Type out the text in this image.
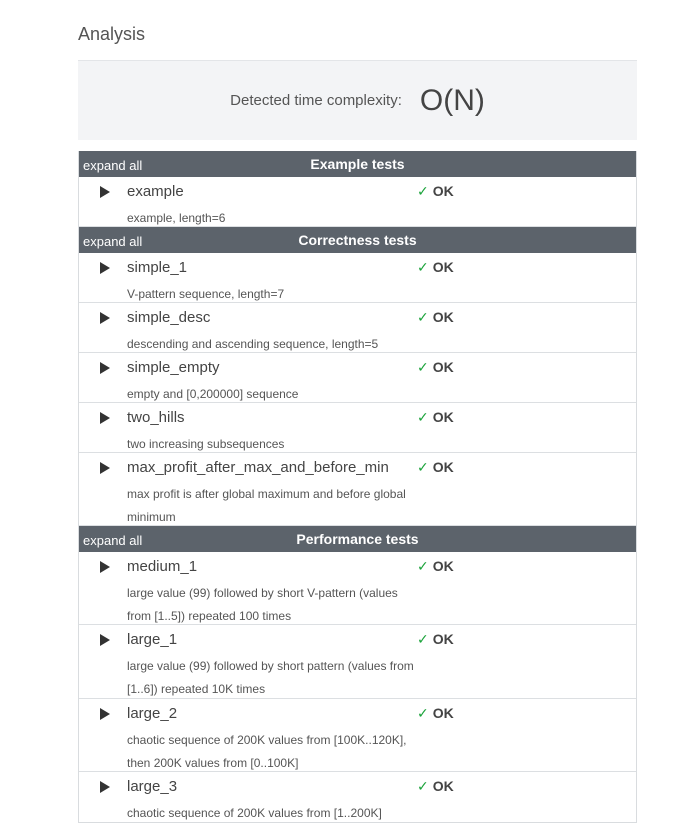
Analysis
Detected time complexity: O(N)
expand all	Example tests
example	✓ OK
example, length=6
expand all	Correctness tests
simple_1	✓ OK
V-pattern sequence, length=7
simple_desc	✓ OK
descending and ascending sequence, length=5
simple_empty	✓ OK
empty and [0,200000] sequence
two_hills	✓ OK
two increasing subsequences
max_profit_after_max_and_before_min ✓ OK
max profit is after global maximum and before global minimum
expand all	Performance tests
medium_1	✓ OK
large value (99) followed by short V-pattern (values from [1..5]) repeated 100 times
large_1	✓ OK
large value (99) followed by short pattern (values from [1..6]) repeated 10K times
large_2	✓ OK
chaotic sequence of 200K values from [100K..120K], then 200K values from [0..100K]
large_3	✓ OK
chaotic sequence of 200K values from [1..200K]
